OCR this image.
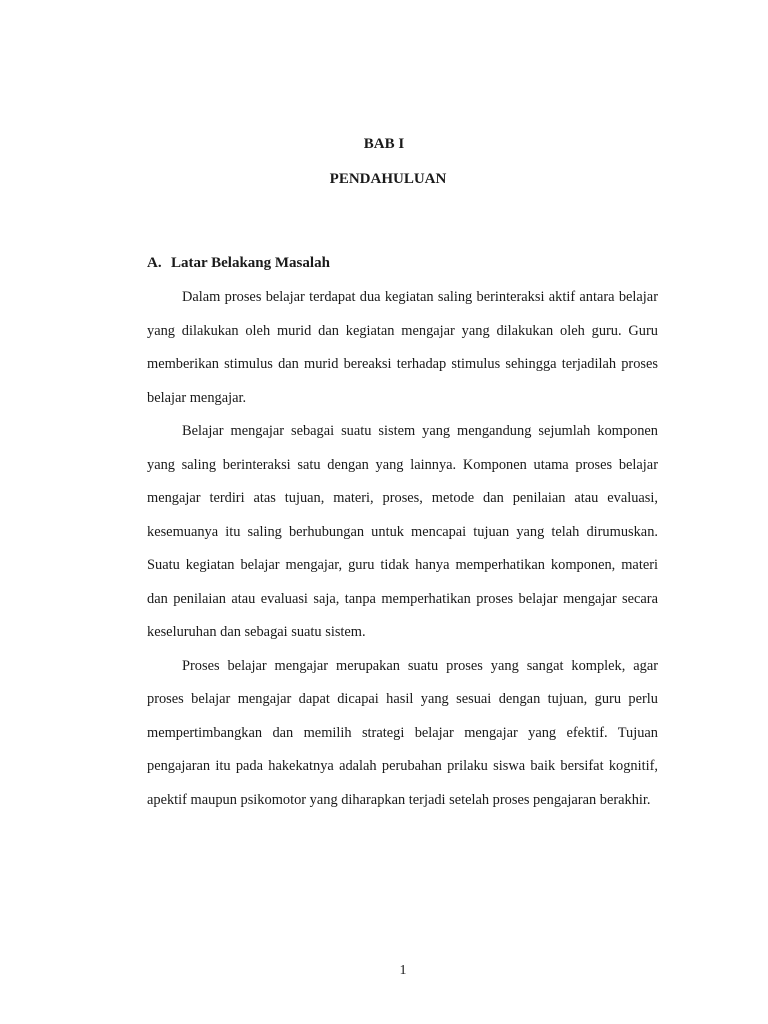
BAB I
PENDAHULUAN
A. Latar Belakang Masalah

Dalam proses belajar terdapat dua kegiatan saling berinteraksi aktif antara belajar yang dilakukan oleh murid dan kegiatan mengajar yang dilakukan oleh guru. Guru memberikan stimulus dan murid bereaksi terhadap stimulus sehingga terjadilah proses belajar mengajar.

Belajar mengajar sebagai suatu sistem yang mengandung sejumlah komponen yang saling berinteraksi satu dengan yang lainnya. Komponen utama proses belajar mengajar terdiri atas tujuan, materi, proses, metode dan penilaian atau evaluasi, kesemuanya itu saling berhubungan untuk mencapai tujuan yang telah dirumuskan. Suatu kegiatan belajar mengajar, guru tidak hanya memperhatikan komponen, materi dan penilaian atau evaluasi saja, tanpa memperhatikan proses belajar mengajar secara keseluruhan dan sebagai suatu sistem.

Proses belajar mengajar merupakan suatu proses yang sangat komplek, agar proses belajar mengajar dapat dicapai hasil yang sesuai dengan tujuan, guru perlu mempertimbangkan dan memilih strategi belajar mengajar yang efektif. Tujuan pengajaran itu pada hakekatnya adalah perubahan prilaku siswa baik bersifat kognitif, apektif maupun psikomotor yang diharapkan terjadi setelah proses pengajaran berakhir.

1
